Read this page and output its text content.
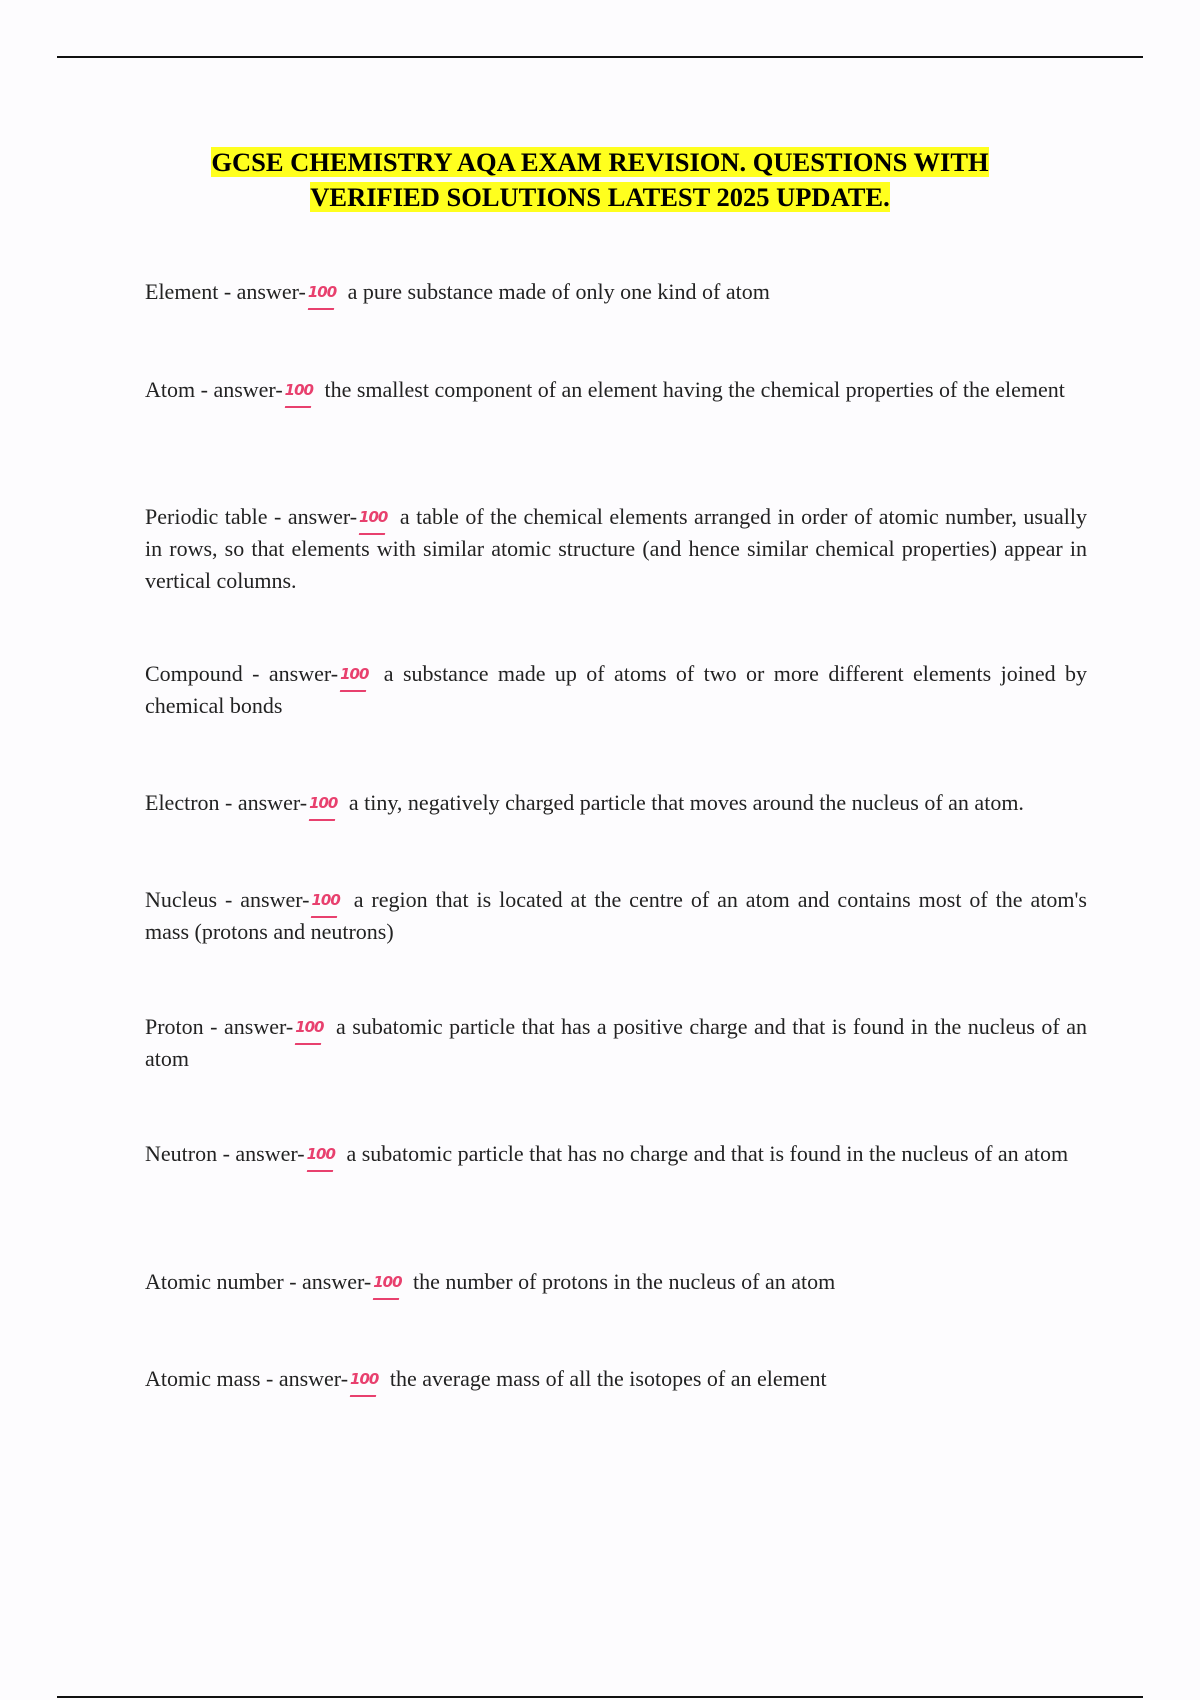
GCSE CHEMISTRY AQA EXAM REVISION. QUESTIONS WITH
VERIFIED SOLUTIONS LATEST 2025 UPDATE.

Element - answer- 100 a pure substance made of only one kind of atom

Atom - answer- 100 the smallest component of an element having the chemical properties of the element

Periodic table - answer- 100 a table of the chemical elements arranged in order of atomic number, usually in rows, so that elements with similar atomic structure (and hence similar chemical properties) appear in vertical columns.

Compound - answer- 100 a substance made up of atoms of two or more different elements joined by chemical bonds

Electron - answer- 100 a tiny, negatively charged particle that moves around the nucleus of an atom.

Nucleus - answer- 100 a region that is located at the centre of an atom and contains most of the atom's mass (protons and neutrons)

Proton - answer- 100 a subatomic particle that has a positive charge and that is found in the nucleus of an atom

Neutron - answer- 100 a subatomic particle that has no charge and that is found in the nucleus of an atom

Atomic number - answer- 100 the number of protons in the nucleus of an atom

Atomic mass - answer- 100 the average mass of all the isotopes of an element
